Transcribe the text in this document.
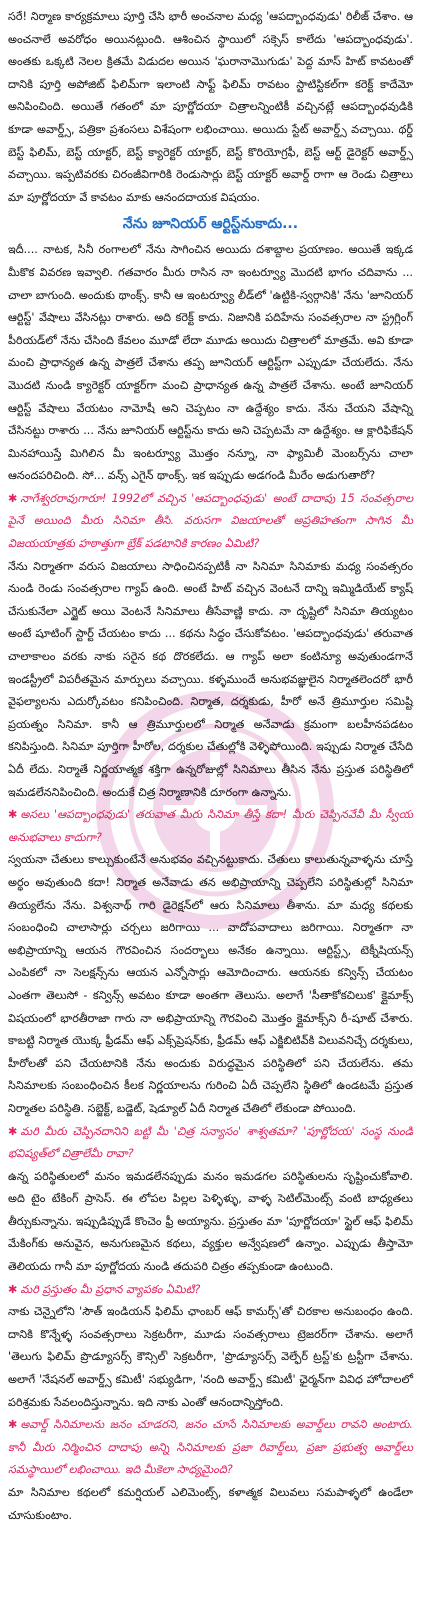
సరే! నిర్మాణ కార్యక్రమాలు పూర్తి చేసి భారీ అంచనాల మధ్య 'ఆపద్బాంధవుడు' రిలీజ్ చేశాం. ఆ అంచనాలే అవరోధం అయినట్లుంది. ఆశించిన స్థాయిలో సక్సెస్ కాలేదు 'ఆపద్బాంధవుడు'. అంతకు ఒక్కటి నెలల క్రితమే విడుదల అయిన 'ఘరానామొగుడు' పెద్ద మాస్ హిట్ కావటంతో దానికి పూర్తి అపోజిట్ ఫిలిమ్‌గా ఇలాంటి సాఫ్ట్ ఫిలిమ్ రావటం స్టాటిస్టికల్‌గా కరెక్ట్ కాదేమో అనిపించింది. అయితే గతంలో మా పూర్ణోదయా చిత్రాలన్నింటికీ వచ్చినట్లే ఆపద్బాంధవుడికి కూడా అవార్డ్స్, పత్రికా ప్రశంసలు విశేషంగా లభించాయి. అయిదు స్టేట్ అవార్డ్స్ వచ్చాయి. థర్డ్ బెస్ట్ ఫిలిమ్, బెస్ట్ యాక్టర్, బెస్ట్ క్యారెక్టర్ యాక్టర్, బెస్ట్ కొరియోగ్రఫీ, బెస్ట్ ఆర్ట్ డైరెక్టర్ అవార్డ్స్ వచ్చాయి. ఇప్పటివరకు చిరంజీవిగారికి రెండుసార్లు బెస్ట్ యాక్టర్ అవార్డ్ రాగా ఆ రెండు చిత్రాలు మా పూర్ణోదయా వే కావటం మాకు ఆనందదాయక విషయం.

నేను జూనియర్ ఆర్టిస్ట్‌నుకాదు...

ఇదీ.... నాటక, సినీ రంగాలలో నేను సాగించిన అయిదు దశాబ్దాల ప్రయాణం. అయితే ఇక్కడ మీకొక వివరణ ఇవ్వాలి. గతవారం మీరు రాసిన నా ఇంటర్వ్యూ మొదటి భాగం చదివాను ... చాలా బాగుంది. అందుకు థాంక్స్. కానీ ఆ ఇంటర్వ్యూ లీడ్‌లో 'ఉట్టికి-స్వర్గానికి' నేను 'జూనియర్ ఆర్టిస్ట్' వేషాలు వేసినట్లు రాశారు. అది కరెక్ట్ కాదు. నిజానికి పదిహేను సంవత్సరాల నా స్ట్రగ్లింగ్ పీరియడ్‌లో నేను చేసింది కేవలం మూడో లేదా మూడు అయిదు చిత్రాలలో మాత్రమే. అవి కూడా మంచి ప్రాధాన్యత ఉన్న పాత్రలే చేశాను తప్ప జూనియర్ ఆర్టిస్ట్‌గా ఎప్పుడూ చేయలేదు. నేను మొదటి నుండి క్యారెక్టర్ యాక్టర్‌గా మంచి ప్రాధాన్యత ఉన్న పాత్రలే చేశాను. అంటే జూనియర్ ఆర్టిస్ట్ వేషాలు వేయటం నామోషీ అని చెప్పటం నా ఉద్దేశ్యం కాదు. నేను చేయని వేషాన్ని చేసినట్టు రాశారు ... నేను జూనియర్ ఆర్టిస్ట్‌ను కాదు అని చెప్పటమే నా ఉద్దేశ్యం. ఆ క్లారిఫికేషన్ మినహాయిస్తే మిగిలిన మీ ఇంటర్వ్యూ మొత్తం నన్నూ, నా ఫ్యామిలీ మెంబర్స్‌ను చాలా ఆనందపరిచింది. సో... వన్స్ ఎగైన్ థాంక్స్. ఇక ఇప్పుడు అడగండి మీరేం అడుగుతారో?

✱ నాగేశ్వరరావుగారూ! 1992లో వచ్చిన 'ఆపద్బాంధవుడు' అంటే దాదాపు 15 సంవత్సరాల పైనే అయింది మీరు సినిమా తీసి. వరుసగా విజయాలతో అప్రతిహతంగా సాగిన మీ విజయయాత్రకు హఠాత్తుగా బ్రేక్ పడటానికి కారణం ఏమిటి?

నేను నిర్మాతగా వరుస విజయాలు సాధించినప్పటికీ నా సినిమా సినిమాకు మధ్య సంవత్సరం నుండి రెండు సంవత్సరాల గ్యాప్ ఉంది. అంటే హిట్ వచ్చిన వెంటనే దాన్ని ఇమ్మిడియేట్ క్యాష్ చేసుకునేలా ఎగ్జైట్ అయి వెంటనే సినిమాలు తీసేవాణ్ణి కాదు. నా దృష్టిలో సినిమా తియ్యటం అంటే షూటింగ్ స్టార్ట్ చేయటం కాదు ... కథను సిద్ధం చేసుకోవటం. 'ఆపద్బాంధవుడు' తరువాత చాలాకాలం వరకు నాకు సరైన కథ దొరకలేదు. ఆ గ్యాప్ అలా కంటిన్యూ అవుతుండగానే ఇండస్ట్రీలో విపరీతమైన మార్పులు వచ్చాయి. కళ్ళముందే అనుభవజ్ఞులైన నిర్మాతలెందరో భారీ వైఫల్యాలను ఎదుర్కోవటం కనిపించింది. నిర్మాత, దర్శకుడు, హీరో అనే త్రిమూర్తుల సమిష్టి ప్రయత్నం సినిమా. కానీ ఆ త్రిమూర్తులలో నిర్మాత అనేవాడు క్రమంగా బలహీనపడటం కనిపిస్తుంది. సినిమా పూర్తిగా హీరోల, దర్శకుల చేతుల్లోకి వెళ్ళిపోయింది. ఇప్పుడు నిర్మాత చేసేది ఏదీ లేదు. నిర్మాతే నిర్ణయాత్మక శక్తిగా ఉన్నరోజుల్లో సినిమాలు తీసిన నేను ప్రస్తుత పరిస్థితిలో ఇమడలేననిపించింది. అందుకే చిత్ర నిర్మాణానికి దూరంగా ఉన్నాను.

✱ అసలు 'ఆపద్బాంధవుడు' తరువాత మీరు సినిమా తీస్తే కదా! మీరు చెప్పినవేవీ మీ స్వీయ అనుభవాలు కాదుగా?

స్వయనా చేతులు కాల్చుకుంటేనే అనుభవం వచ్చినట్టుకాదు. చేతులు కాలుతున్నవాళ్ళను చూస్తే అర్థం అవుతుంది కదా! నిర్మాత అనేవాడు తన అభిప్రాయాన్ని చెప్పలేని పరిస్థితుల్లో సినిమా తియ్యలేను నేను. విశ్వనాథ్ గారి డైరెక్షన్‌లో ఆరు సినిమాలు తీశాను. మా మధ్య కథలకు సంబంధించి చాలాసార్లు చర్చలు జరిగాయి ... వాదోపవాదాలు జరిగాయి. నిర్మాతగా నా అభిప్రాయాన్ని ఆయన గౌరవించిన సందర్భాలు అనేకం ఉన్నాయి. ఆర్టిస్ట్స్, టెక్నీషియన్స్ ఎంపికలో నా సెలక్షన్స్‌ను ఆయన ఎన్నోసార్లు ఆమోదించారు. ఆయనకు కన్విన్స్ చేయటం ఎంతగా తెలుసో - కన్విన్స్ అవటం కూడా అంతగా తెలుసు. అలాగే 'సీతాకోకచిలుక' క్లైమాక్స్ విషయంలో భారతీరాజా గారు నా అభిప్రాయాన్ని గౌరవించి మొత్తం క్లైమాక్స్‌ని రీ-షూట్ చేశారు. కాబట్టి నిర్మాత యొక్క ఫ్రీడమ్ ఆఫ్ ఎక్స్‌ప్రెషన్‌కు, ఫ్రీడమ్ ఆఫ్ ఎక్జిబిటివ్‌కి విలువనిచ్చే దర్శకులు, హీరోలతో పని చేయటానికి నేను అందుకు విరుద్ధమైన పరిస్థితిలో పని చేయలేను. తమ సినిమాలకు సంబంధించిన కీలక నిర్ణయాలను గురించి ఏదీ చెప్పలేని స్థితిలో ఉండటమే ప్రస్తుత నిర్మాతల పరిస్థితి. సబ్జెక్ట్, బడ్జెట్, షెడ్యూల్ ఏదీ నిర్మాత చేతిలో లేకుండా పోయింది.

✱ మరి మీరు చెప్పినదానిని బట్టి మీ 'చిత్ర సన్యాసం' శాశ్వతమా? 'పూర్ణోదయ' సంస్థ నుండి భవిష్యత్‌లో చిత్రాలేమీ రావా?

ఉన్న పరిస్థితులలో మనం ఇమడలేనప్పుడు మనం ఇమడగల పరిస్థితులను సృష్టించుకోవాలి. అది టైం టేకింగ్ ప్రాసెస్. ఈ లోపల పిల్లల పెళ్ళిళ్ళు, వాళ్ళ సెటిల్‌మెంట్స్ వంటి బాధ్యతలు తీర్చుకున్నాను. ఇప్పుడిప్పుడే కొంచెం ఫ్రీ అయ్యాను. ప్రస్తుతం మా 'పూర్ణోదయా' స్టైల్ ఆఫ్ ఫిలిమ్ మేకింగ్‌కు అనువైన, అనుగుణమైన కథలు, వ్యక్తుల అన్వేషణలో ఉన్నాం. ఎప్పుడు తీస్తామో తెలియదు గానీ మా పూర్ణోదయ నుండి తదుపరి చిత్రం తప్పకుండా ఉంటుంది.

✱ మరి ప్రస్తుతం మీ ప్రధాన వ్యాపకం ఏమిటి?

నాకు చెన్నైలోని 'సౌత్ ఇండియన్ ఫిలిమ్ ఛాంబర్ ఆఫ్ కామర్స్'తో చిరకాల అనుబంధం ఉంది. దానికి కొన్నేళ్ళ సంవత్సరాలు సెక్రటరీగా, మూడు సంవత్సరాలు ట్రెజరర్‌గా చేశాను. అలాగే 'తెలుగు ఫిలిమ్ ప్రొడ్యూసర్స్ కౌన్సిల్' సెక్రటరీగా, 'ప్రొడ్యూసర్స్ వెల్ఫేర్ ట్రస్ట్'కు ట్రస్టీగా చేశాను. అలాగే 'నేషనల్ అవార్డ్స్ కమిటీ' సభ్యుడిగా, 'నంది అవార్డ్స్ కమిటీ' ఛైర్మన్‌గా వివిధ హోదాలలో పరిశ్రమకు సేవలందిస్తున్నాను. ఇది నాకు ఎంతో ఆనందాన్నిస్తోంది.

✱ అవార్డ్ సినిమాలను జనం చూడరని, జనం చూసే సినిమాలకు అవార్డ్‌లు రావని అంటారు. కానీ మీరు నిర్మించిన దాదాపు అన్ని సినిమాలకు ప్రజా రివార్డ్‌లు, ప్రజా ప్రభుత్వ అవార్డ్‌లు సమస్థాయిలో లభించాయి. ఇది మీకెలా సాధ్యమైంది?

మా సినిమాల కథలలో కమర్షియల్ ఎలిమెంట్స్, కళాత్మక విలువలు సమపాళ్ళలో ఉండేలా చూసుకుంటాం.
